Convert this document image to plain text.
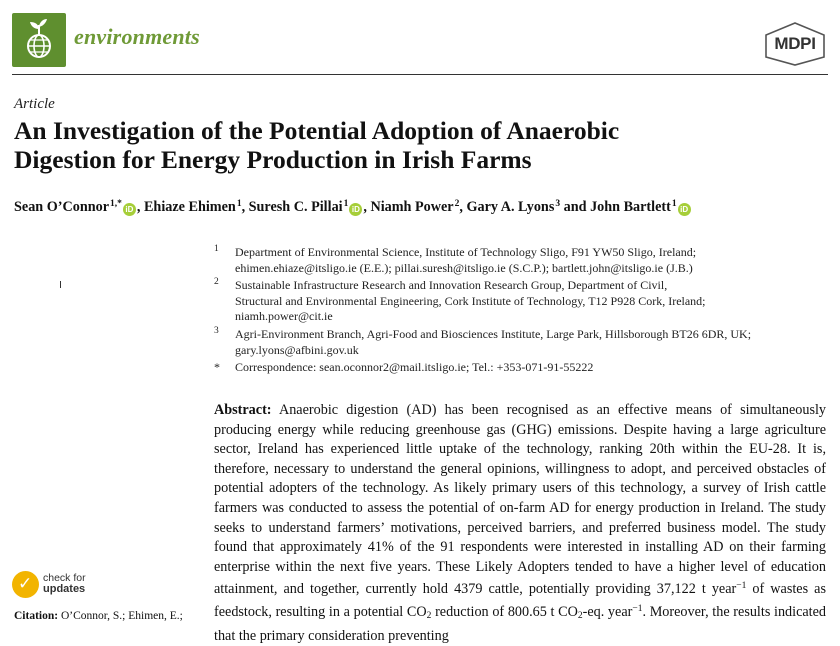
environments	MDPI
Article
An Investigation of the Potential Adoption of Anaerobic
Digestion for Energy Production in Irish Farms
Sean O’Connor$^{1,*}$iD , Ehiaze Ehimen$^1$, Suresh C. Pillai$^1$iD , Niamh Power$^2$, Gary A. Lyons$^3$ and John Bartlett$^1$iD
1 Department of Environmental Science, Institute of Technology Sligo, F91 YW50 Sligo, Ireland;
ehimen.ehiaze@itsligo.ie (E.E.); pillai.suresh@itsligo.ie (S.C.P.); bartlett.john@itsligo.ie (J.B.)
2 Sustainable Infrastructure Research and Innovation Research Group, Department of Civil,
Structural and Environmental Engineering, Cork Institute of Technology, T12 P928 Cork, Ireland;
niamh.power@cit.ie
3 Agri-Environment Branch, Agri-Food and Biosciences Institute, Large Park, Hillsborough BT26 6DR, UK;
gary.lyons@afbini.gov.uk
* Correspondence: sean.oconnor2@mail.itsligo.ie; Tel.: +353-071-91-55222
Abstract: Anaerobic digestion (AD) has been recognised as an effective means of simultaneously producing energy while reducing greenhouse gas (GHG) emissions. Despite having a large agriculture sector, Ireland has experienced little uptake of the technology, ranking 20th within the EU-28. It is, therefore, necessary to understand the general opinions, willingness to adopt, and perceived obstacles of potential adopters of the technology. As likely primary users of this technology, a survey of Irish cattle farmers was conducted to assess the potential of on-farm AD for energy production in Ireland. The study seeks to understand farmers’ motivations, perceived barriers, and preferred business model. The study found that approximately 41% of the 91 respondents were interested in installing AD on their farming enterprise within the next five years. These Likely Adopters tended to have a higher level of education attainment, and together, currently hold 4379 cattle, potentially providing 37,122 t year$^{-1}$ of wastes as feedstock, resulting in a potential $CO_2$ reduction of 800.65 t $CO_2-eq$. year$^{-1}$. Moreover, the results indicated that the primary consideration preventing
✓ check for
updates
Citation: O’Connor, S.; Ehimen, E.;
